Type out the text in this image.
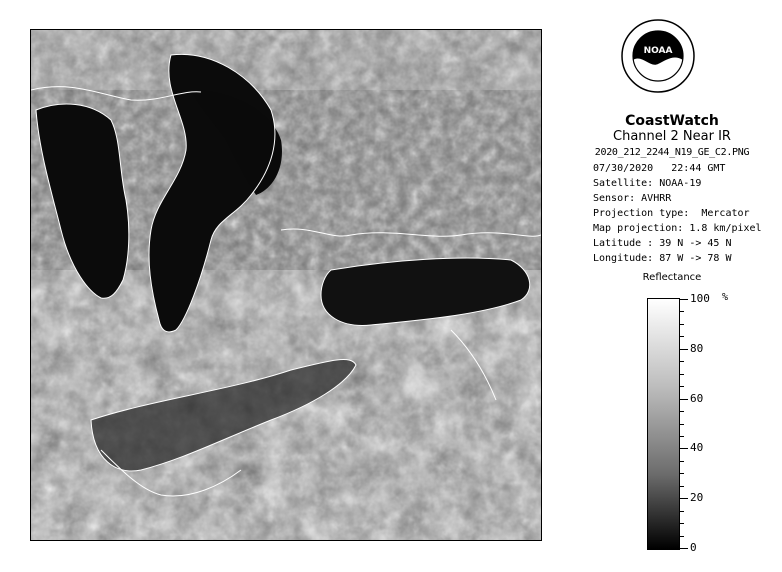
NOAA
CoastWatch
Channel 2 Near IR
2020_212_2244_N19_GE_C2.PNG
07/30/2020   22:44 GMT
Satellite: NOAA-19
Sensor: AVHRR
Projection type:  Mercator
Map projection: 1.8 km/pixel
Latitude : 39 N -> 45 N
Longitude: 87 W -> 78 W
Reflectance
%
100
80
60
40
20
0
